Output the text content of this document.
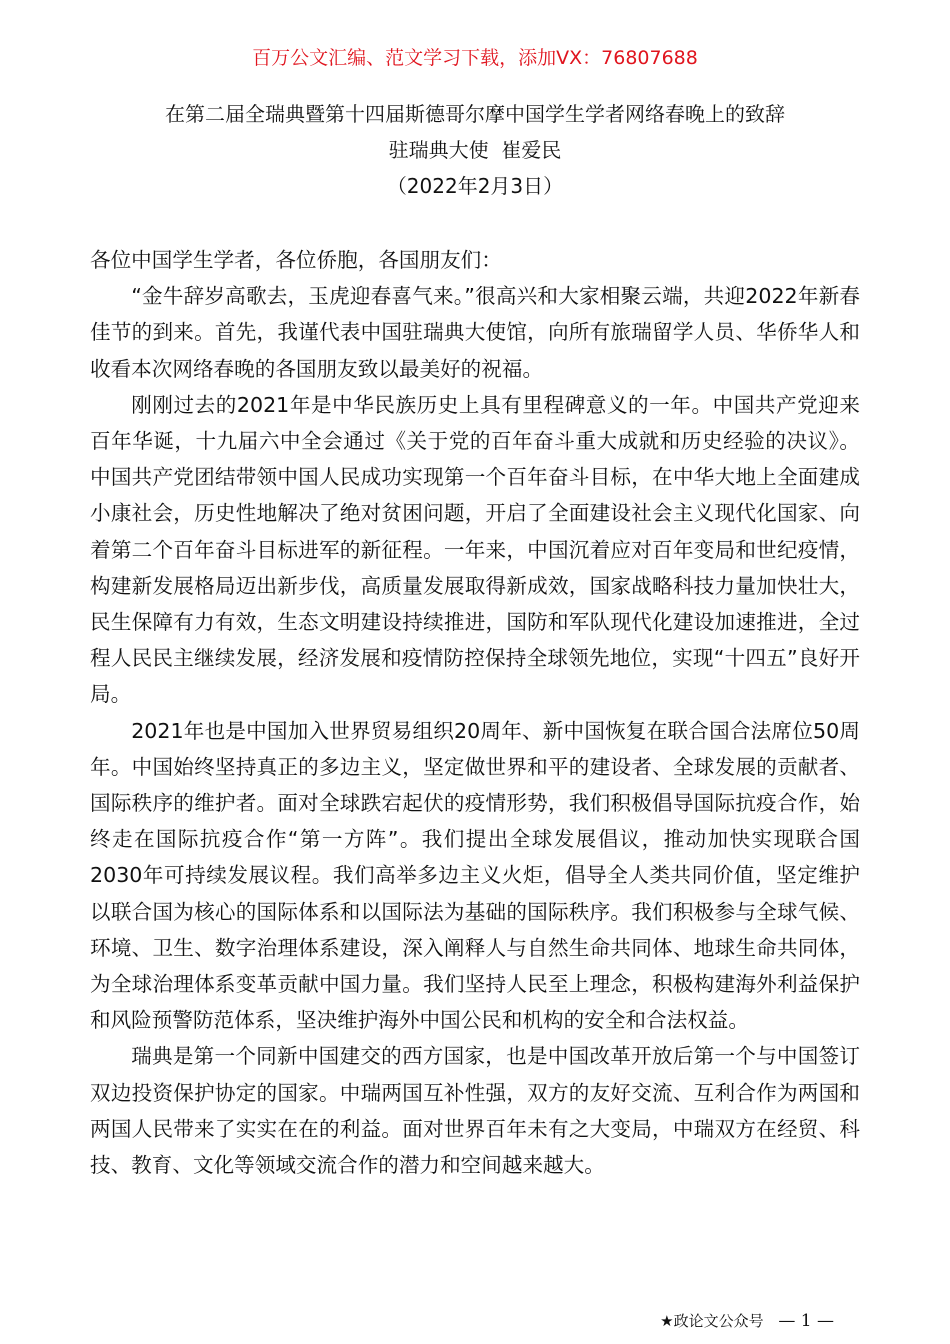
百万公文汇编、范文学习下载，添加VX：76807688
在第二届全瑞典暨第十四届斯德哥尔摩中国学生学者网络春晚上的致辞
驻瑞典大使  崔爱民
（2022年2月3日）

各位中国学生学者，各位侨胞，各国朋友们：

“金牛辞岁高歌去，玉虎迎春喜气来。”很高兴和大家相聚云端，共迎2022年新春佳节的到来。首先，我谨代表中国驻瑞典大使馆，向所有旅瑞留学人员、华侨华人和收看本次网络春晚的各国朋友致以最美好的祝福。

刚刚过去的2021年是中华民族历史上具有里程碑意义的一年。中国共产党迎来百年华诞，十九届六中全会通过《关于党的百年奋斗重大成就和历史经验的决议》。中国共产党团结带领中国人民成功实现第一个百年奋斗目标，在中华大地上全面建成小康社会，历史性地解决了绝对贫困问题，开启了全面建设社会主义现代化国家、向着第二个百年奋斗目标进军的新征程。一年来，中国沉着应对百年变局和世纪疫情，构建新发展格局迈出新步伐，高质量发展取得新成效，国家战略科技力量加快壮大，民生保障有力有效，生态文明建设持续推进，国防和军队现代化建设加速推进，全过程人民民主继续发展，经济发展和疫情防控保持全球领先地位，实现“十四五”良好开局。

2021年也是中国加入世界贸易组织20周年、新中国恢复在联合国合法席位50周年。中国始终坚持真正的多边主义，坚定做世界和平的建设者、全球发展的贡献者、国际秩序的维护者。面对全球跌宕起伏的疫情形势，我们积极倡导国际抗疫合作，始终走在国际抗疫合作“第一方阵”。我们提出全球发展倡议，推动加快实现联合国2030年可持续发展议程。我们高举多边主义火炬，倡导全人类共同价值，坚定维护以联合国为核心的国际体系和以国际法为基础的国际秩序。我们积极参与全球气候、环境、卫生、数字治理体系建设，深入阐释人与自然生命共同体、地球生命共同体，为全球治理体系变革贡献中国力量。我们坚持人民至上理念，积极构建海外利益保护和风险预警防范体系，坚决维护海外中国公民和机构的安全和合法权益。

瑞典是第一个同新中国建交的西方国家，也是中国改革开放后第一个与中国签订双边投资保护协定的国家。中瑞两国互补性强，双方的友好交流、互利合作为两国和两国人民带来了实实在在的利益。面对世界百年未有之大变局，中瑞双方在经贸、科技、教育、文化等领域交流合作的潜力和空间越来越大。

★政论文公众号 — 1 —
